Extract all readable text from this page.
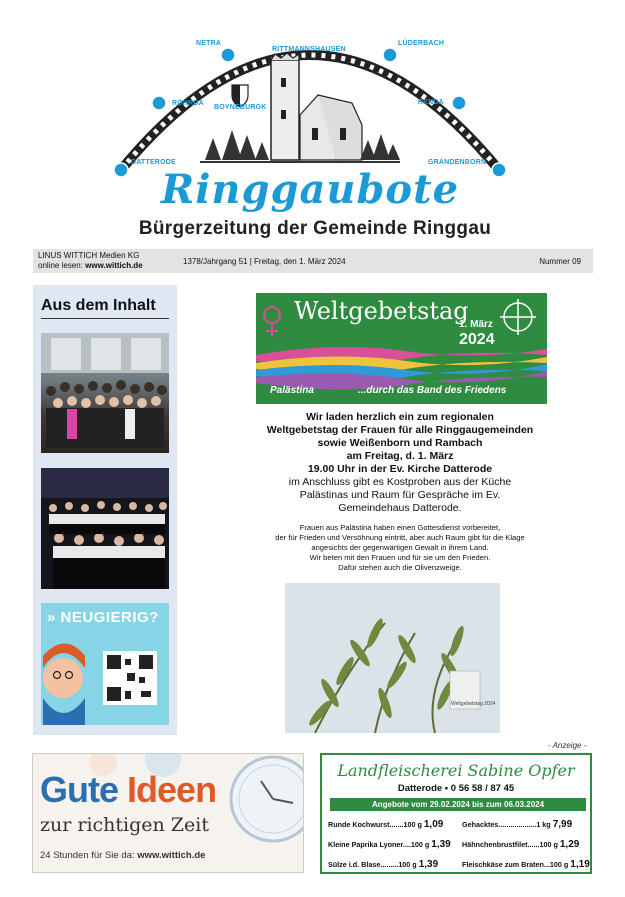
NETRA
RITTMANNSHAUSEN
LÜDERBACH
RÖHRDA
BOYNEBURGK
RENDA
DATTERODE	GRANDENBORN
Ringgaubote
Bürgerzeitung der Gemeinde Ringgau
LINUS WITTICH Medien KG
online lesen: www.wittich.de	1378/Jahrgang 51 | Freitag, den 1. März 2024	Nummer 09
Aus dem Inhalt
» NEUGIERIG?
Weltgebetstag
1. März
2024
Palästina	...durch das Band des Friedens
Wir laden herzlich ein zum regionalen
Weltgebetstag der Frauen für alle Ringgaugemeinden
sowie Weißenborn und Rambach
am Freitag, d. 1. März
19.00 Uhr in der Ev. Kirche Datterode
im Anschluss gibt es Kostproben aus der Küche
Palästinas und Raum für Gespräche im Ev.
Gemeindehaus Datterode.
Frauen aus Palästina haben einen Gottesdienst vorbereitet,
der für Frieden und Versöhnung eintritt, aber auch Raum gibt für die Klage
angesichts der gegenwärtigen Gewalt in ihrem Land.
Wir beten mit den Frauen und für sie um den Frieden.
Dafür stehen auch die Olivenzweige.
Weltgebetstag 2024
- Anzeige -
Gute Ideen
zur richtigen Zeit
24 Stunden für Sie da: www.wittich.de
Landfleischerei Sabine Opfer
Datterode • 0 56 58 / 87 45
Angebote vom 29.02.2024 bis zum 06.03.2024
Runde Kochwurst.......100 g 1,09	Gehacktes...................1 kg 7,99
Kleine Paprika Lyoner....100 g 1,39 Hähnchenbrustfilet......100 g 1,29
Sülze i.d. Blase.........100 g 1,39	Fleischkäse zum Braten...100 g 1,19
